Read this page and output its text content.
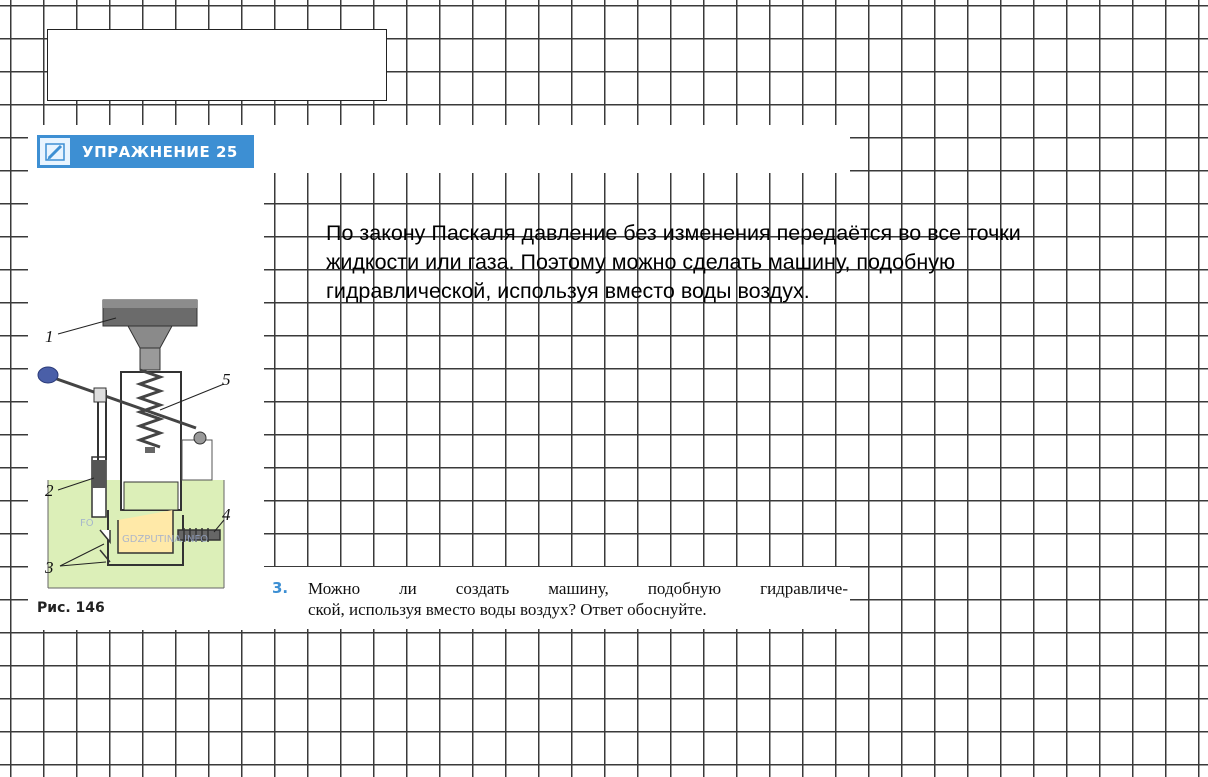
УПРАЖНЕНИЕ 25
1
2
3
4
5
FO
GDZPUTINA.INFO
Рис. 146
По закону Паскаля давление без изменения передаётся во все точки
жидкости или газа. Поэтому можно сделать машину, подобную
гидравлической, используя вместо воды воздух.
3. Можно ли создать машину, подобную гидравличе-
ской, используя вместо воды воздух? Ответ обоснуйте.
